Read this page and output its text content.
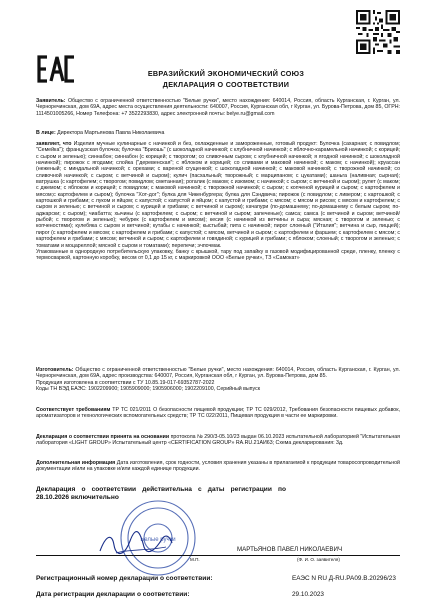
ЕВРАЗИЙСКИЙ ЭКОНОМИЧЕСКИЙ СОЮЗ
ДЕКЛАРАЦИЯ О СООТВЕТСТВИИ
Заявитель: Общество с ограниченной ответственностью "Белые ручки", место нахождения: 640014, Россия, область Курганская, г. Курган, ул. Черноречинская, дом 69А, адрес места осуществления деятельности: 640007, Россия, Курганская обл, г Курган, ул. Бурова-Петрова, дом 85, ОГРН: 1114501005266, Номер Телефона: +7 3522293830, адрес электронной почты: belye.ru@gmail.com
В лице: Директора Мартьянова Павла Николаевича
заявляет, что Изделия мучные кулинарные с начинкой и без, охлажденные и замороженные, готовый продукт: Булочка (сахарная; с повидлом; "Семейка"); французская булочка; булочка "Бриошь" (с шоколадной начинкой; с клубничной начинкой; с яблочно-карамельной начинкой; с корицей; с сыром и зеленью); синнабон; синнабон (с корицей; с творогом; со сливочным сыром; с клубничной начинкой; я ягодной начинкой; с шоколадной начинкой); пирожок с ягодами; слойка ("деревенская"; с яблоком и корицей; со сливами и маковой начинкой; с маком; с начинкой); круассан (неженый; с миндальной начинкой; с орехами; с вареной сгущенкой; с шоколадной начинкой; с маковой начинкой; с творожной начинкой; со сливочной начинкой; с сыром; с ветчиной и сыром); кулич (пасхальный; творожный; с марципаном; с цукатами); шаньга (наливная; сырная); ватрушка (с картофелем; с творогом; повидлом; сметанная); рогалик (с маком; с изюмом; с начинкой; с сыром; с ветчиной и сыром); рулет (с маком; с джемом; с яблоком и корицей; с повидлом; с маковой начинкой; с творожной начинкой; с сыром; с копченой курицей и сыром; с картофелем и мясом;с картофелем и сыром); булочка "Хот-дог"; булка для Чикенбургера; булка для Сэндвича; пирожок (с повидлом; с ливером; с картошкой; с картошкой и грибами; с луком и яйцом; с капустой; с капустой и яйцом; с капустой и грибами; с мясом; с мясом и рисом; с мясом и картофелем; с сыром и зеленью; с ветчиной и сыром; с курицей и грибами; с ветчиной и сыром); качапури (по-домашнему; по-домашнему с белым сыром; по-аджарски; с сыром); чиабатта; хычины (с картофелем; с сыром; с ветчиной и сыром; запеченые); самса; самса (с ветчиной и сыром; ветчиной/рыбой; с творогом и зеленью); чебурек (с картофелем и мясом); кесия (с начинкой из ветчины и сыра; мясная; с творогом и зеленью; с копченостями); кулебяка с сыром и ветчиной; кутабы с начинкой; кыстыбай; пита с начинкой; пирог слоеный ("Италия"; ветчина и сыр, пиццей); пирог (с картофелем и мясом; с картофелем и грибами; с капустой; с мясом, ветчиной и сыром; с картофелем и фаршем; с картофелем с мясом; с картофелем и грибами; с мясом; ветчиной и сыром; с картофелем и говядиной; с курицей и грибами; с яблоком; слоеный; с творогом и зеленью; с томатами и моцареллой; мясной с сыром и томатами); перепечи; эчпочмак.
Упакованные в однородную потребительскую упаковку, банку с крышкой, тару под запайку в газовой модифицированной среде, пленку, пленку с термосваркой, картонную коробку, весом от 0,1 до 15 кг, с маркировкой ООО «Белые ручки», ТЗ «Самокат»
Изготовитель: Общество с ограниченной ответственностью "Белые ручки", место нахождения: 640014, Россия, область Курганская, г. Курган, ул. Черноречинская, дом 69А, адрес производства: 640007, Россия, Курганская обл, г Курган, ул. Бурова-Петрова, дом 85.
Продукция изготовлена в соответствии с ТУ 10.85.19-017-69352787-2022
Коды ТН ВЭД ЕАЭС: 1902209900; 1905909000; 1905906000; 1902209100, Серийный выпуск
Соответствует требованиям ТР ТС 021/2011 О безопасности пищевой продукции; ТР ТС 029/2012, Требования безопасности пищевых добавок, ароматизаторов и технологических вспомогательных средств; ТР ТС 022/2011, Пищевая продукция в части ее маркировки.
Декларация о соответствии принята на основании протокола № 290/3-05.10/23 выдан 06.10.2023 испытательной лабораторией "Испытательная лаборатория «LIGHT GROUP» Испытательный центр «CERTIFICATION GROUP» RA.RU.21AИ63; Схема декларирования: 3д.
Дополнительная информация Дата изготовления, срок годности, условия хранения указаны в прилагаемой к продукции товаросопроводительной документации и/или на упаковке и/или каждой единице продукции.
Декларация о соответствии действительна с даты регистрации по 28.10.2026 включительно
Белые ручки
М.П.
МАРТЬЯНОВ ПАВЕЛ НИКОЛАЕВИЧ
(Ф. И. О. заявителя)
Регистрационный номер декларации о соответствии:	ЕАЭС N RU Д-RU.РА09.В.20296/23
Дата регистрации декларации о соответствии:	29.10.2023
